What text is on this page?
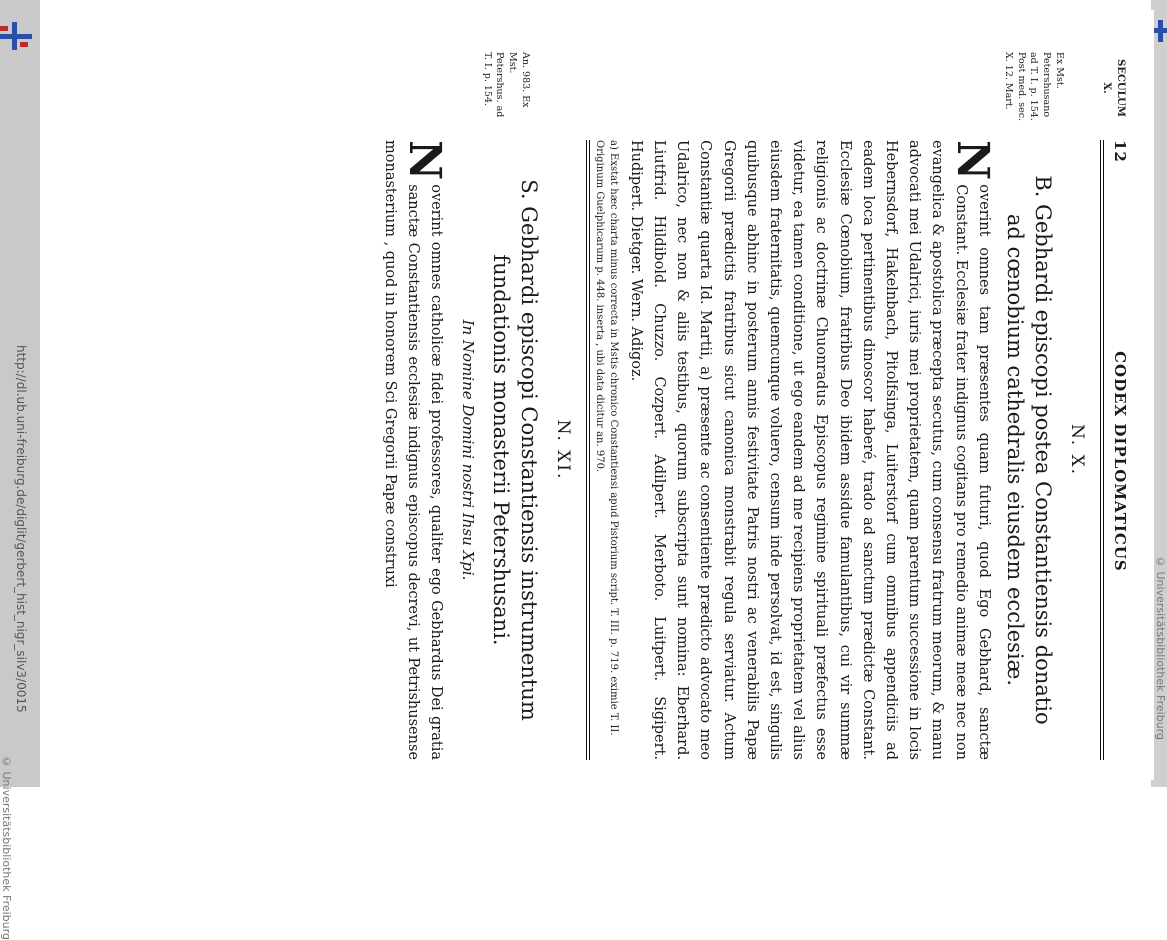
http://dl.ub.uni-freiburg.de/diglit/gerbert_hist_nigr_silv3/0015
© Universitätsbibliothek Freiburg
© Universitätsbibliothek Freiburg
12
CODEX DIPLOMATICUS
N. X.
B. Gebhardi episcopi postea Constantiensis donatio
ad cœnobium cathedralis eiusdem ecclesiæ.
N
overint omnes tam præsentes quam futuri, quod Ego Gebhard, sanctæ Constant. Ecclesiæ frater indignus cogitans pro remedio animæ meæ nec non evangelica & apostolica præcepta secutus, cum consensu fratrum meorum, & manu advocati mei Udalrici, iuris mei proprietatem, quam parentum successione in locis Hebernsdorf, Hakelnbach, Pitolfsinga, Luiterstorf cum omnibus appendiciis ad eadem loca pertinentibus dinoscor haberé, trado ad sanctum prædictæ Constant. Ecclesiæ Cœnobium, fratribus Deo ibidem assidue famulantibus, cui vir summæ religionis ac doctrinæ Chuonradus Episcopus regimine spirituali præfectus esse videtur, ea tamen conditione, ut ego eandem ad me recipiens proprietatem vel alius eiusdem fraternitatis, quemcunque voluero, censum inde persolvat, id est, singulis quibusque abhinc in posterum annis festivitate Patris nostri ac venerabilis Papæ Gregorii prædictis fratribus sicut canonica monstrabit regula serviatur. Actum Constantiæ quarta Id. Martii, a) præsente ac consentiente prædicto advocato meo Udalrico, nec non & aliis testibus, quorum subscripta sunt nomina: Eberhard. Liutfrid. Hildibold. Chuzzo. Cozpert. Adilpert. Merboto. Luitpert. Sigipert. Hudipert. Dietger. Wern. Adigoz.
a) Exstat hæc charta minus correcta in Mstis chronico Constantiensi apud Pistorium script. T. III. p. 719. eximie T. II. Originum Guelphicarum p. 448. inserta , ubi data dicitur an. 970.
N. XI.
S. Gebhardi episcopi Constantiensis instrumentum
fundationis monasterii Petershusani.
In Nomine Domini nostri Ihsu Xpi.
N
overint omnes catholicæ fidei professores, qualiter ego Gebhardus Dei gratia sanctæ Constantiensis ecclesiæ indignus episcopus decrevi, ut Petrishusense monasterium , quod in honorem Sci Gregorii Papæ construxi
SECULUM X.
Ex Mst. Petershusano ad T. I. p. 154. Post med. sec. X. 12. Mart.
An. 983. Ex Mst. Petershus. ad T. I. p. 154.
